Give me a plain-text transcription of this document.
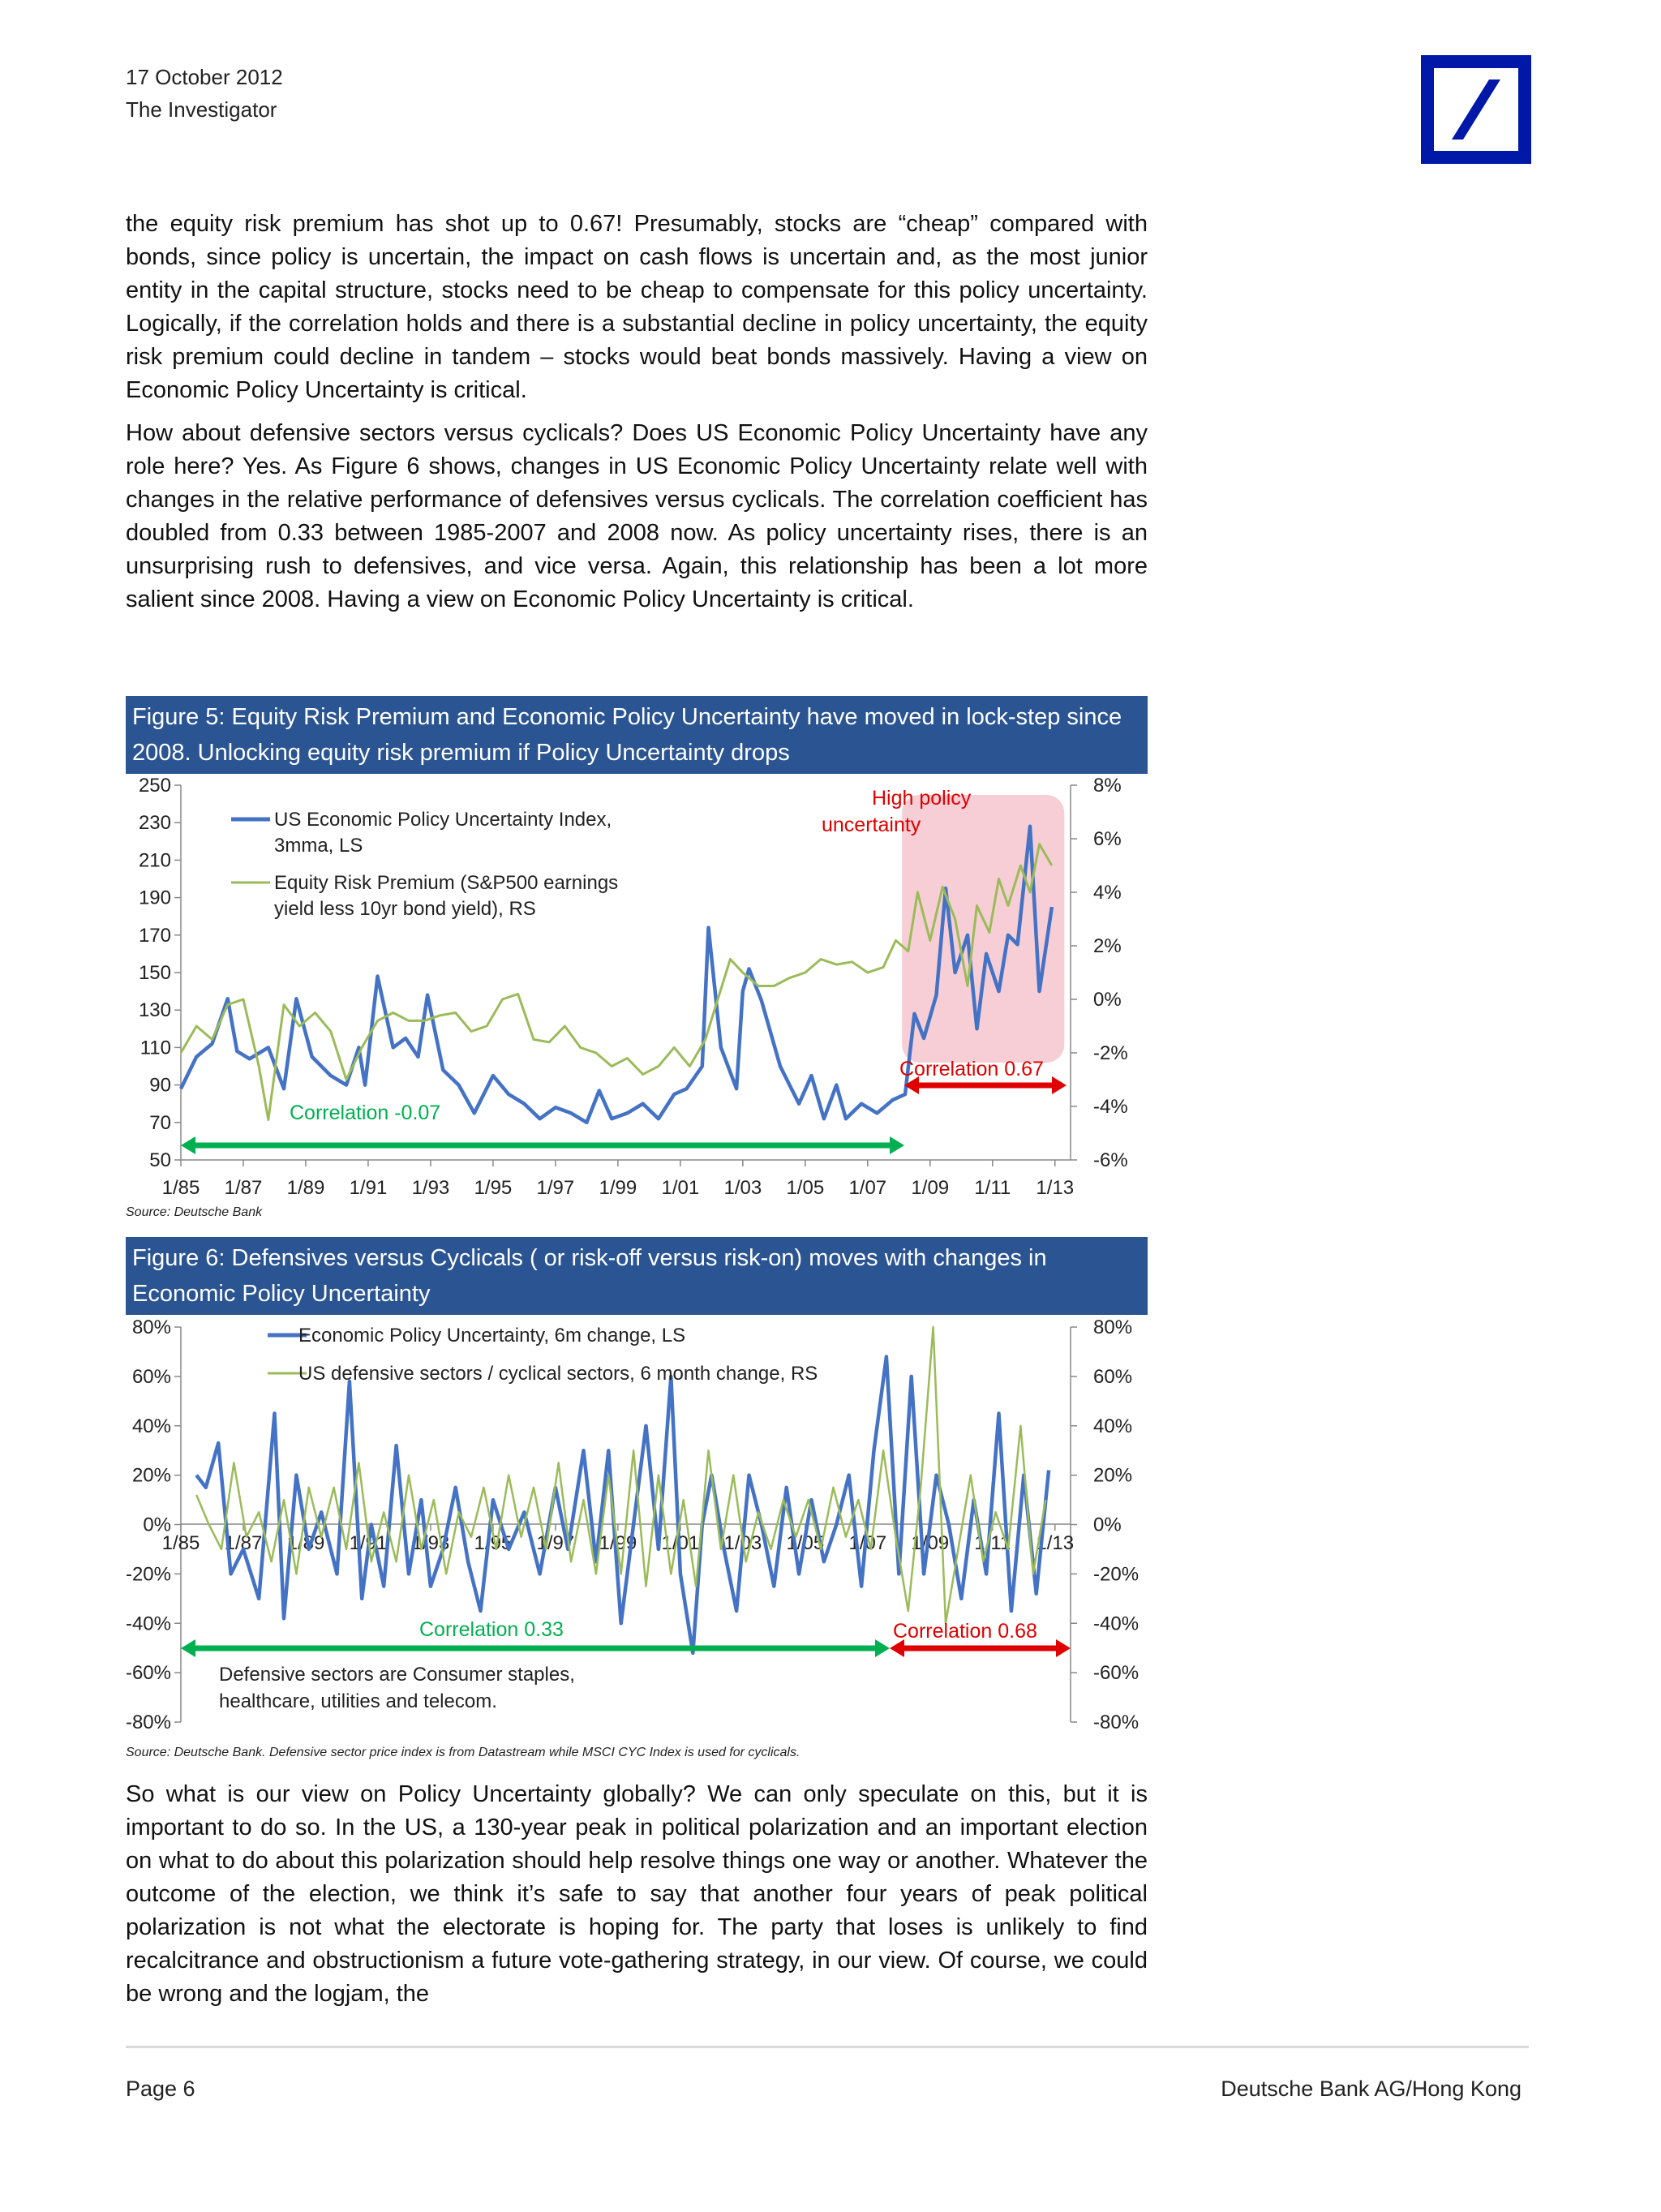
17 October 2012
The Investigator

the equity risk premium has shot up to 0.67! Presumably, stocks are “cheap” compared with bonds, since policy is uncertain, the impact on cash flows is uncertain and, as the most junior entity in the capital structure, stocks need to be cheap to compensate for this policy uncertainty. Logically, if the correlation holds and there is a substantial decline in policy uncertainty, the equity risk premium could decline in tandem – stocks would beat bonds massively. Having a view on Economic Policy Uncertainty is critical.

How about defensive sectors versus cyclicals? Does US Economic Policy Uncertainty have any role here? Yes. As Figure 6 shows, changes in US Economic Policy Uncertainty relate well with changes in the relative performance of defensives versus cyclicals. The correlation coefficient has doubled from 0.33 between 1985-2007 and 2008 now. As policy uncertainty rises, there is an unsurprising rush to defensives, and vice versa. Again, this relationship has been a lot more salient since 2008. Having a view on Economic Policy Uncertainty is critical.

Figure 5: Equity Risk Premium and Economic Policy Uncertainty have moved in lock-step since 2008. Unlocking equity risk premium if Policy Uncertainty drops
250
230
210
190
170
150
130
110
90
70
50
8%
6%
4%
2%
0%
-2%
-4%
-6%
1/85 1/87 1/89 1/91 1/93 1/95 1/97 1/99 1/01 1/03 1/05 1/07 1/09 1/11 1/13
US Economic Policy Uncertainty Index,
3mma, LS
Equity Risk Premium (S&P500 earnings
yield less 10yr bond yield), RS
High policy
uncertainty
Correlation -0.07
Correlation 0.67
Source: Deutsche Bank
Figure 6: Defensives versus Cyclicals ( or risk-off versus risk-on) moves with changes in Economic Policy Uncertainty
80%
60%
40%
20%
0%
-20%
-40%
-60%
-80%
80%
60%
40%
20%
0%
-20%
-40%
-60%
-80%
1/85 1/87 1/89 1/91 1/93 1/95 1/97 1/99 1/01 1/03 1/05 1/07 1/09 1/11 1/13
Economic Policy Uncertainty, 6m change, LS
US defensive sectors / cyclical sectors, 6 month change, RS
Correlation 0.33	Correlation 0.68
Defensive sectors are Consumer staples,
healthcare, utilities and telecom.
Source: Deutsche Bank. Defensive sector price index is from Datastream while MSCI CYC Index is used for cyclicals.

So what is our view on Policy Uncertainty globally? We can only speculate on this, but it is important to do so. In the US, a 130-year peak in political polarization and an important election on what to do about this polarization should help resolve things one way or another. Whatever the outcome of the election, we think it’s safe to say that another four years of peak political polarization is not what the electorate is hoping for. The party that loses is unlikely to find recalcitrance and obstructionism a future vote-gathering strategy, in our view. Of course, we could be wrong and the logjam, the

Page 6	Deutsche Bank AG/Hong Kong
